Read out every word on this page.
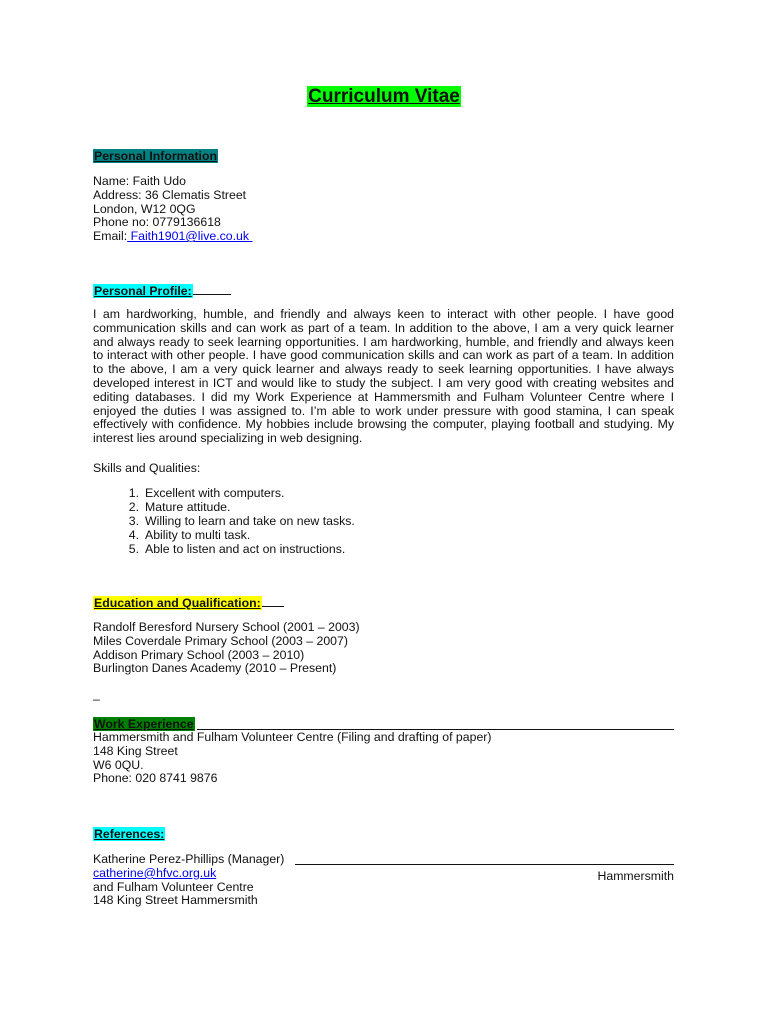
Curriculum Vitae
Personal Information
Name: Faith Udo
Address: 36 Clematis Street
London, W12 0QG
Phone no: 0779136618
Email: Faith1901@live.co.uk
Personal Profile:
I am hardworking, humble, and friendly and always keen to interact with other people. I have good communication skills and can work as part of a team. In addition to the above, I am a very quick learner and always ready to seek learning opportunities. I am hardworking, humble, and friendly and always keen to interact with other people. I have good communication skills and can work as part of a team. In addition to the above, I am a very quick learner and always ready to seek learning opportunities. I have always developed interest in ICT and would like to study the subject. I am very good with creating websites and editing databases. I did my Work Experience at Hammersmith and Fulham Volunteer Centre where I enjoyed the duties I was assigned to. I’m able to work under pressure with good stamina, I can speak effectively with confidence. My hobbies include browsing the computer, playing football and studying. My interest lies around specializing in web designing.
Skills and Qualities:
1. Excellent with computers.
2. Mature attitude.
3. Willing to learn and take on new tasks.
4. Ability to multi task.
5. Able to listen and act on instructions.
Education and Qualification:
Randolf Beresford Nursery School (2001 – 2003)
Miles Coverdale Primary School (2003 – 2007)
Addison Primary School (2003 – 2010)
Burlington Danes Academy (2010 – Present)
–
Work Experience
Hammersmith and Fulham Volunteer Centre (Filing and drafting of paper)
148 King Street
W6 0QU.
Phone: 020 8741 9876
References:
Katherine Perez-Phillips (Manager)
catherine@hfvc.org.uk
and Fulham Volunteer Centre
148 King Street Hammersmith
Hammersmith
